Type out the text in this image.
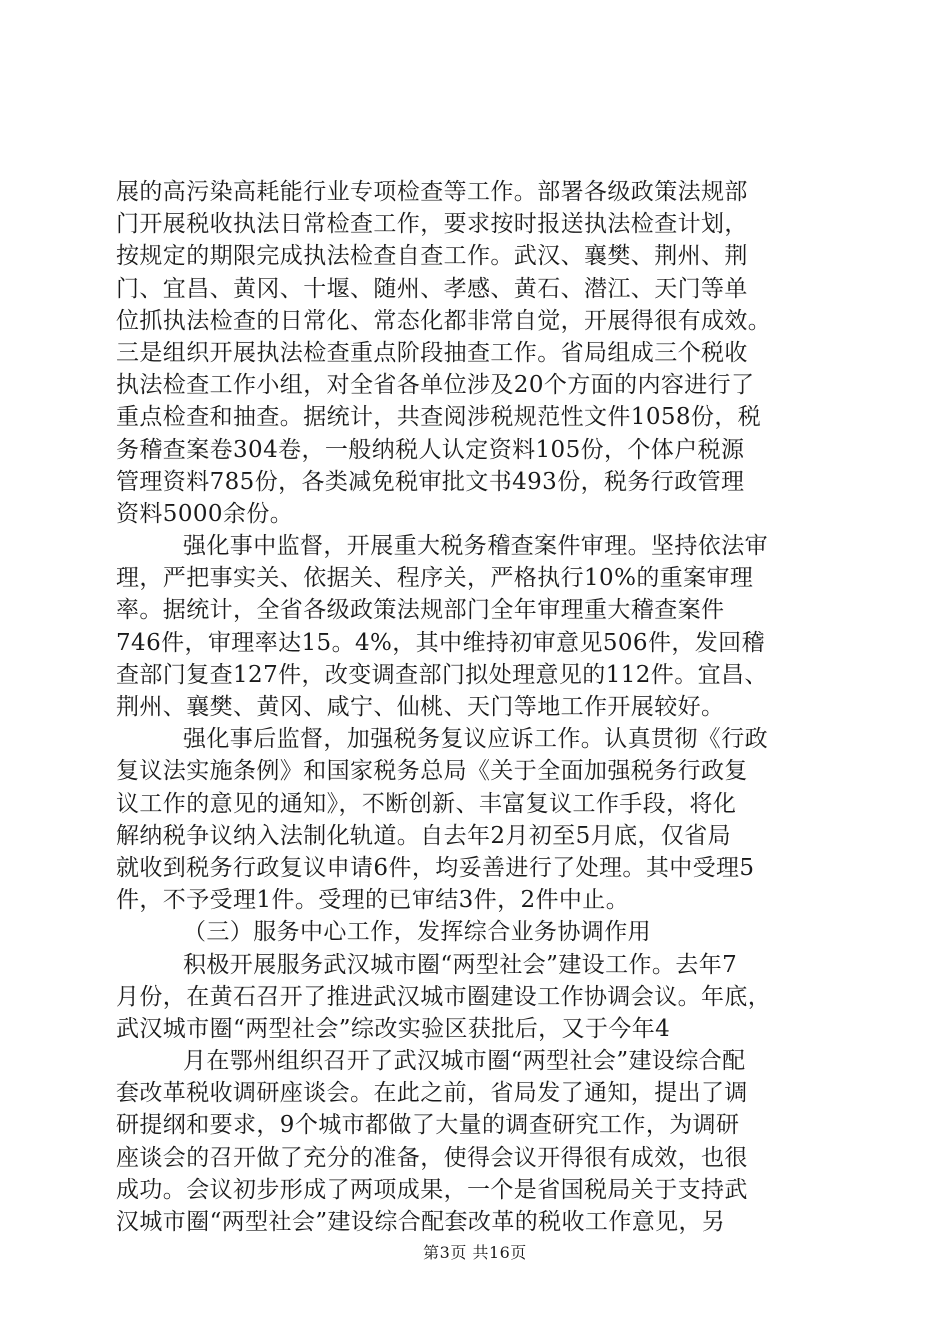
展的高污染高耗能行业专项检查等工作。部署各级政策法规部
门开展税收执法日常检查工作，要求按时报送执法检查计划，
按规定的期限完成执法检查自查工作。武汉、襄樊、荆州、荆
门、宜昌、黄冈、十堰、随州、孝感、黄石、潜江、天门等单
位抓执法检查的日常化、常态化都非常自觉，开展得很有成效。
三是组织开展执法检查重点阶段抽查工作。省局组成三个税收
执法检查工作小组，对全省各单位涉及20个方面的内容进行了
重点检查和抽查。据统计，共查阅涉税规范性文件1058份，税
务稽查案卷304卷，一般纳税人认定资料105份，个体户税源
管理资料785份，各类减免税审批文书493份，税务行政管理
资料5000余份。
强化事中监督，开展重大税务稽查案件审理。坚持依法审
理，严把事实关、依据关、程序关，严格执行10%的重案审理
率。据统计，全省各级政策法规部门全年审理重大稽查案件
746件，审理率达15。4%，其中维持初审意见506件，发回稽
查部门复查127件，改变调查部门拟处理意见的112件。宜昌、
荆州、襄樊、黄冈、咸宁、仙桃、天门等地工作开展较好。
强化事后监督，加强税务复议应诉工作。认真贯彻《行政
复议法实施条例》和国家税务总局《关于全面加强税务行政复
议工作的意见的通知》，不断创新、丰富复议工作手段，将化
解纳税争议纳入法制化轨道。自去年2月初至5月底，仅省局
就收到税务行政复议申请6件，均妥善进行了处理。其中受理5
件，不予受理1件。受理的已审结3件，2件中止。
（三）服务中心工作，发挥综合业务协调作用
积极开展服务武汉城市圈“两型社会”建设工作。去年7
月份，在黄石召开了推进武汉城市圈建设工作协调会议。年底，
武汉城市圈“两型社会”综改实验区获批后，又于今年4
月在鄂州组织召开了武汉城市圈“两型社会”建设综合配
套改革税收调研座谈会。在此之前，省局发了通知，提出了调
研提纲和要求，9个城市都做了大量的调查研究工作，为调研
座谈会的召开做了充分的准备，使得会议开得很有成效，也很
成功。会议初步形成了两项成果，一个是省国税局关于支持武
汉城市圈“两型社会”建设综合配套改革的税收工作意见，另
第3页 共16页
